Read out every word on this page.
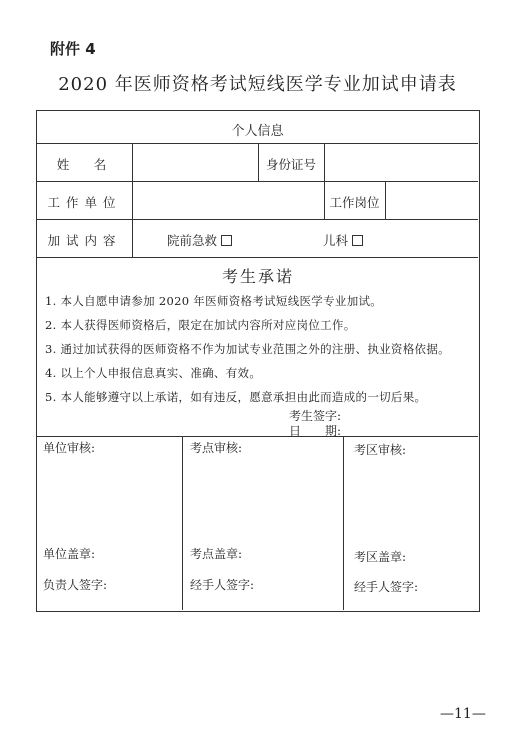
附件 4
2020 年医师资格考试短线医学专业加试申请表
个人信息
姓　名	身份证号
工作单位	工作岗位
加试内容	院前急救	儿科
考生承诺
1. 本人自愿申请参加 2020 年医师资格考试短线医学专业加试。
2. 本人获得医师资格后，限定在加试内容所对应岗位工作。
3. 通过加试获得的医师资格不作为加试专业范围之外的注册、执业资格依据。
4. 以上个人申报信息真实、准确、有效。
5. 本人能够遵守以上承诺，如有违反，愿意承担由此而造成的一切后果。
考生签字:
日　　期:
单位审核:	考点审核:	考区审核:
单位盖章:	考点盖章:	考区盖章:
负责人签字:	经手人签字:	经手人签字:
—11—
